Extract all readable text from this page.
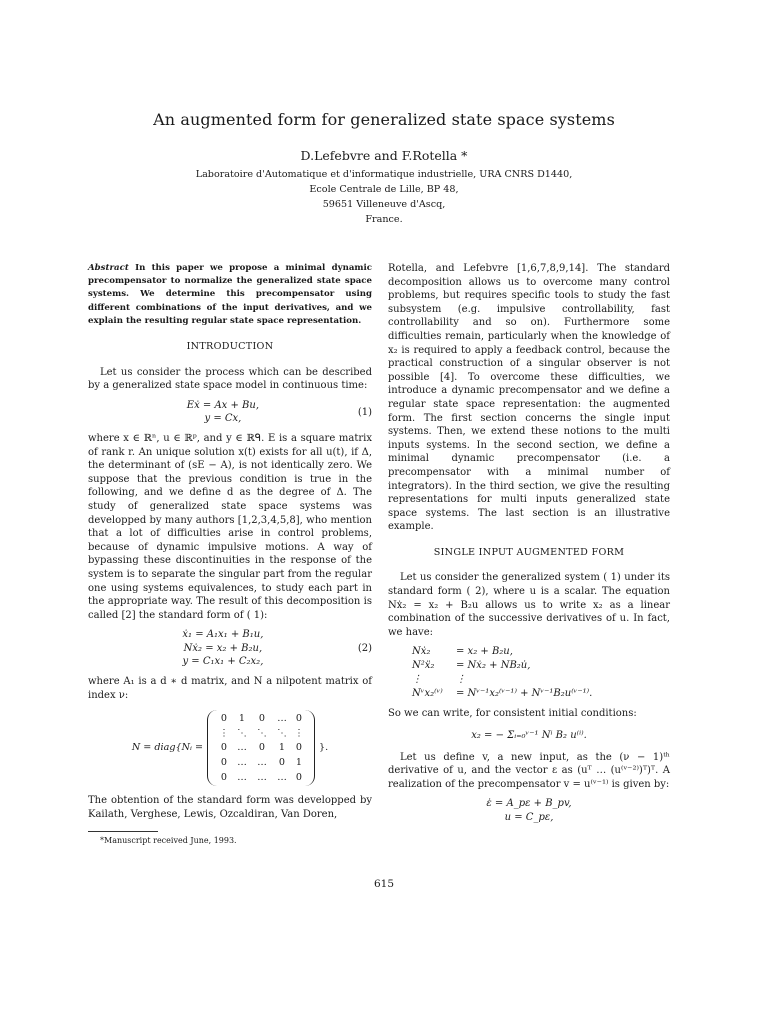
An augmented form for generalized state space systems
D.Lefebvre and F.Rotella *
Laboratoire d'Automatique et d'informatique industrielle, URA CNRS D1440,
Ecole Centrale de Lille, BP 48,
59651 Villeneuve d'Ascq,
France.

Abstract In this paper we propose a minimal dynamic precompensator to normalize the generalized state space systems. We determine this precompensator using different combinations of the input derivatives, and we explain the resulting regular state space representation.

INTRODUCTION

Let us consider the process which can be described by a generalized state space model in continuous time:

Eẋ = Ax + Bu,
y = Cx,
(1)

where x ∈ ℝⁿ, u ∈ ℝᵖ, and y ∈ ℝᑫ. E is a square matrix of rank r. An unique solution x(t) exists for all u(t), if Δ, the determinant of (sE − A), is not identically zero. We suppose that the previous condition is true in the following, and we define d as the degree of Δ. The study of generalized state space systems was developped by many authors [1,2,3,4,5,8], who mention that a lot of difficulties arise in control problems, because of dynamic impulsive motions. A way of bypassing these discontinuities in the response of the system is to separate the singular part from the regular one using systems equivalences, to study each part in the appropriate way. The result of this decomposition is called [2] the standard form of ( 1):

ẋ₁ = A₁x₁ + B₁u,
Nẋ₂ = x₂ + B₂u,
y = C₁x₁ + C₂x₂,
(2)

where A₁ is a d ∗ d matrix, and N a nilpotent matrix of index ν:

N = diag{Nᵢ =
0	1	0	… 0
⋮ ⋱	⋱	⋱ ⋮
0	…	0	1	0
0	…	…	0	1
0	…	…	… 0
}.

The obtention of the standard form was developped by Kailath, Verghese, Lewis, Ozcaldiran, Van Doren,

Rotella, and Lefebvre [1,6,7,8,9,14]. The standard decomposition allows us to overcome many control problems, but requires specific tools to study the fast subsystem (e.g. impulsive controllability, fast controllability and so on). Furthermore some difficulties remain, particularly when the knowledge of x₂ is required to apply a feedback control, because the practical construction of a singular observer is not possible [4]. To overcome these difficulties, we introduce a dynamic precompensator and we define a regular state space representation: the augmented form. The first section concerns the single input systems. Then, we extend these notions to the multi inputs systems. In the second section, we define a minimal dynamic precompensator (i.e. a precompensator with a minimal number of integrators). In the third section, we give the resulting representations for multi inputs generalized state space systems. The last section is an illustrative example.

SINGLE INPUT AUGMENTED FORM

Let us consider the generalized system ( 1) under its standard form ( 2), where u is a scalar. The equation Nẋ₂ = x₂ + B₂u allows us to write x₂ as a linear combination of the successive derivatives of u. In fact, we have:

Nẋ₂	= x₂ + B₂u,
N²ẍ₂	= Nẋ₂ + NB₂u̇,
⋮	⋮
Nᵛx₂⁽ᵛ⁾	= Nᵛ⁻¹x₂⁽ᵛ⁻¹⁾ + Nᵛ⁻¹B₂u⁽ᵛ⁻¹⁾.

So we can write, for consistent initial conditions:

x₂ = − Σᵢ₌₀ᵛ⁻¹ Nⁱ B₂ u⁽ⁱ⁾.

Let us define v, a new input, as the (ν − 1)ᵗʰ derivative of u, and the vector ε as (uᵀ … (u⁽ᵛ⁻²⁾)ᵀ)ᵀ. A realization of the precompensator v = u⁽ᵛ⁻¹⁾ is given by:

ε̇ = A_pε + B_pv,
u = C_pε,
*Manuscript received June, 1993.
615
